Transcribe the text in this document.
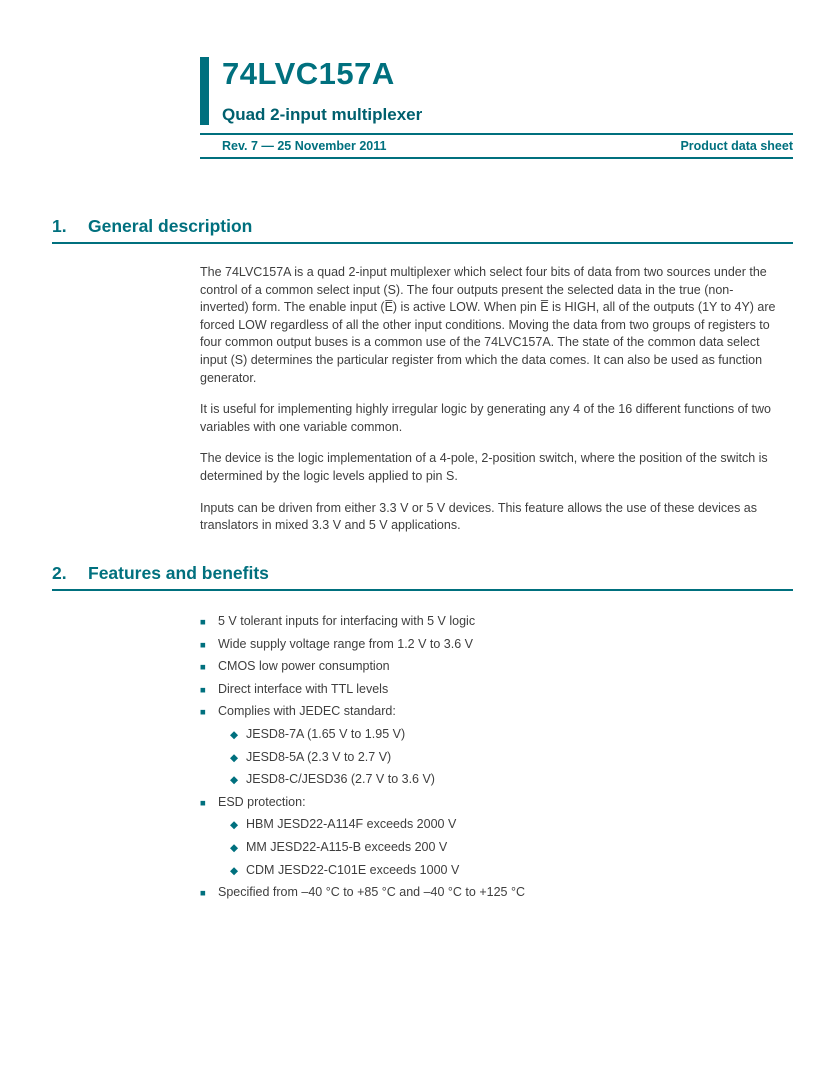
74LVC157A
Quad 2-input multiplexer
Rev. 7 — 25 November 2011	Product data sheet
1.	General description

The 74LVC157A is a quad 2-input multiplexer which select four bits of data from two sources under the control of a common select input (S). The four outputs present the selected data in the true (non-inverted) form. The enable input (E̅) is active LOW. When pin E̅ is HIGH, all of the outputs (1Y to 4Y) are forced LOW regardless of all the other input conditions. Moving the data from two groups of registers to four common output buses is a common use of the 74LVC157A. The state of the common data select input (S) determines the particular register from which the data comes. It can also be used as function generator.

It is useful for implementing highly irregular logic by generating any 4 of the 16 different functions of two variables with one variable common.

The device is the logic implementation of a 4-pole, 2-position switch, where the position of the switch is determined by the logic levels applied to pin S.

Inputs can be driven from either 3.3 V or 5 V devices. This feature allows the use of these devices as translators in mixed 3.3 V and 5 V applications.

2.	Features and benefits
■ 5 V tolerant inputs for interfacing with 5 V logic
■ Wide supply voltage range from 1.2 V to 3.6 V
■ CMOS low power consumption
■ Direct interface with TTL levels
■ Complies with JEDEC standard:
◆ JESD8-7A (1.65 V to 1.95 V)
◆ JESD8-5A (2.3 V to 2.7 V)
◆ JESD8-C/JESD36 (2.7 V to 3.6 V)
■ ESD protection:
◆ HBM JESD22-A114F exceeds 2000 V
◆ MM JESD22-A115-B exceeds 200 V
◆ CDM JESD22-C101E exceeds 1000 V
■ Specified from –40 °C to +85 °C and –40 °C to +125 °C
